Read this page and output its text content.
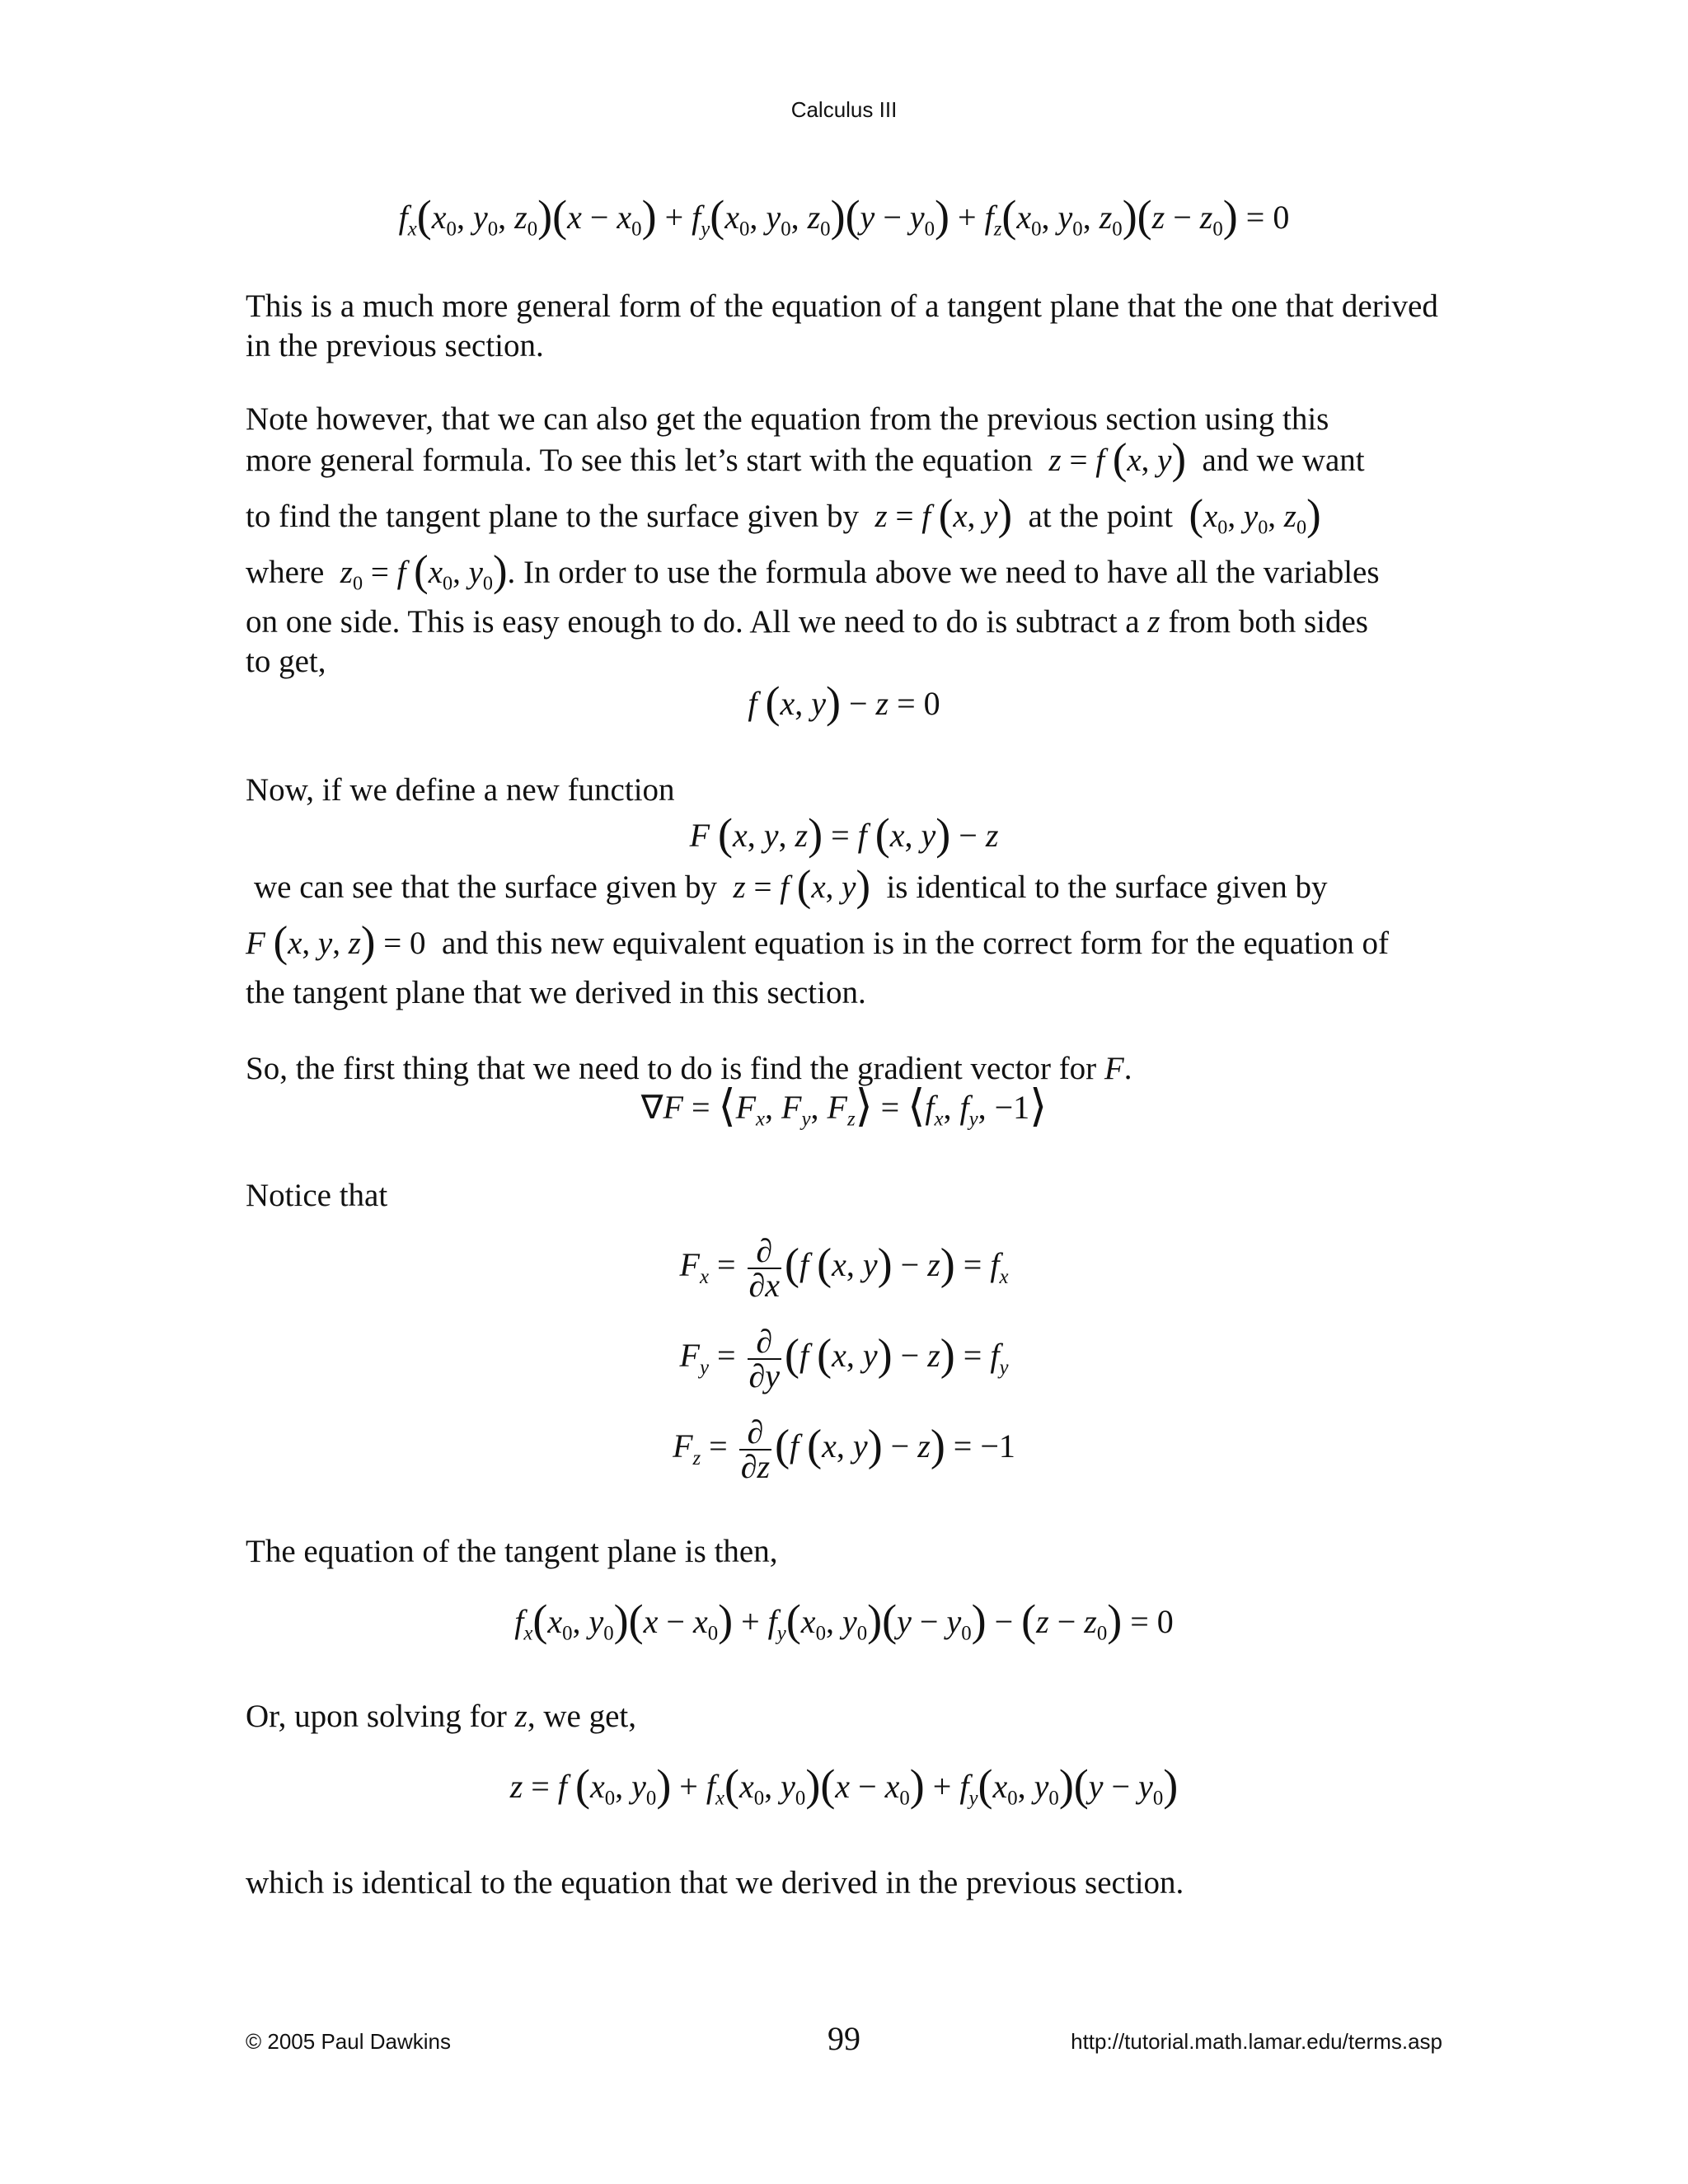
Calculus III
$f_x(x_0$, $y_0$, $z_0)(x - x_0) + f_y(x_0$, $y_0$, $z_0)(y - y_0) + f_z(x_0$, $y_0$, $z_0)(z - z_0) = 0$

This is a much more general form of the equation of a tangent plane that the one that derived in the previous section.

Note however, that we can also get the equation from the previous section using this
more general formula. To see this let’s start with the equation z = f (x, y) and we want
to find the tangent plane to the surface given by z = f (x, y) at the point ($x_0$, $y_0$, $z_0$)
where $z_0 = f$ ($x_0$, $y_0$). In order to use the formula above we need to have all the variables
on one side. This is easy enough to do. All we need to do is subtract a z from both sides
to get,
f (x, y) − z = 0
Now, if we define a new function
F (x, y, z) = f (x, y) − z
we can see that the surface given by z = f (x, y) is identical to the surface given by
F (x, y, z) = 0  and this new equivalent equation is in the correct form for the equation of
the tangent plane that we derived in this section.
So, the first thing that we need to do is find the gradient vector for F.
$\nabla F = ⟨F_x$, $F_y$, $F_z⟩$ = $⟨f_x$, $f_y$, −1⟩
Notice that
$F_x = \frac{\partial}{\partial x} (f$ (x, $y) - z) = f_x$
$F_y = \frac{\partial}{\partial y} (f$ (x, $y) - z) = f_y$
$F_z = \frac{\partial}{\partial z} (f$ (x, y) − z) = −1
The equation of the tangent plane is then,
$f_x(x_0$, $y_0)(x - x_0) + f_y(x_0$, $y_0)(y - y_0) - (z - z_0) = 0$
Or, upon solving for z, we get,
z = f ($x_0$, $y_0) + f_x(x_0$, $y_0)(x - x_0) + f_y(x_0$, $y_0)(y - y_0)$
which is identical to the equation that we derived in the previous section.
© 2005 Paul Dawkins	99	http://tutorial.math.lamar.edu/terms.asp
